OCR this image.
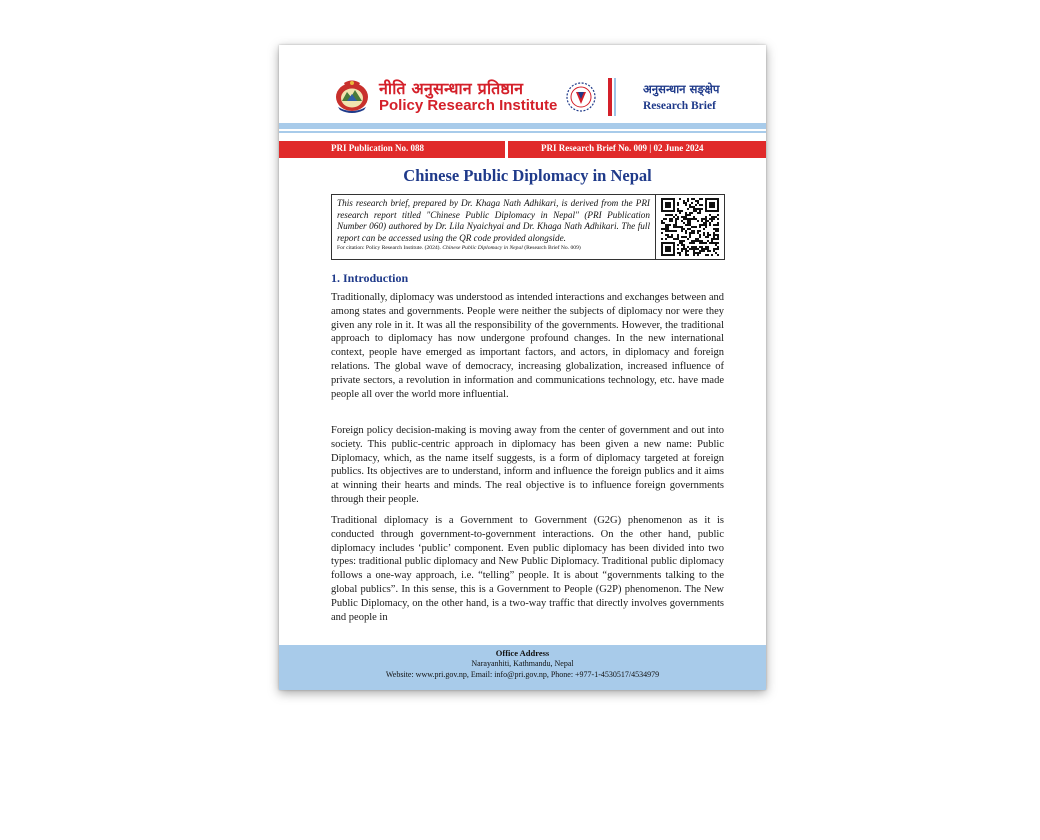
नीति अनुसन्धान प्रतिष्ठान
Policy Research Institute
अनुसन्धान सङ्क्षेप
Research Brief
PRI Publication No. 088	PRI Research Brief No. 009 | 02 June 2024
Chinese Public Diplomacy in Nepal
This research brief, prepared by Dr. Khaga Nath Adhikari, is derived from the PRI research report titled "Chinese Public Diplomacy in Nepal" (PRI Publication Number 060) authored by Dr. Lila Nyaichyai and Dr. Khaga Nath Adhikari. The full report can be accessed using the QR code provided alongside.
For citation: Policy Research Institute. (2024). Chinese Public Diplomacy in Nepal (Research Brief No. 009)
1. Introduction
Traditionally, diplomacy was understood as intended interactions and exchanges between and among states and governments. People were neither the subjects of diplomacy nor were they given any role in it. It was all the responsibility of the governments. However, the traditional approach to diplomacy has now undergone profound changes. In the new international context, people have emerged as important factors, and actors, in diplomacy and foreign relations. The global wave of democracy, increasing globalization, increased influence of private sectors, a revolution in information and communications technology, etc. have made people all over the world more influential.
Foreign policy decision-making is moving away from the center of government and out into society. This public-centric approach in diplomacy has been given a new name: Public Diplomacy, which, as the name itself suggests, is a form of diplomacy targeted at foreign publics. Its objectives are to understand, inform and influence the foreign publics and it aims at winning their hearts and minds. The real objective is to influence foreign governments through their people.
Traditional diplomacy is a Government to Government (G2G) phenomenon as it is conducted through government-to-government interactions. On the other hand, public diplomacy includes ‘public’ component. Even public diplomacy has been divided into two types: traditional public diplomacy and New Public Diplomacy. Traditional public diplomacy follows a one-way approach, i.e. “telling” people. It is about “governments talking to the global publics”. In this sense, this is a Government to People (G2P) phenomenon. The New Public Diplomacy, on the other hand, is a two-way traffic that directly involves governments and people in
Office Address
Narayanhiti, Kathmandu, Nepal
Website: www.pri.gov.np, Email: info@pri.gov.np, Phone: +977-1-4530517/4534979
